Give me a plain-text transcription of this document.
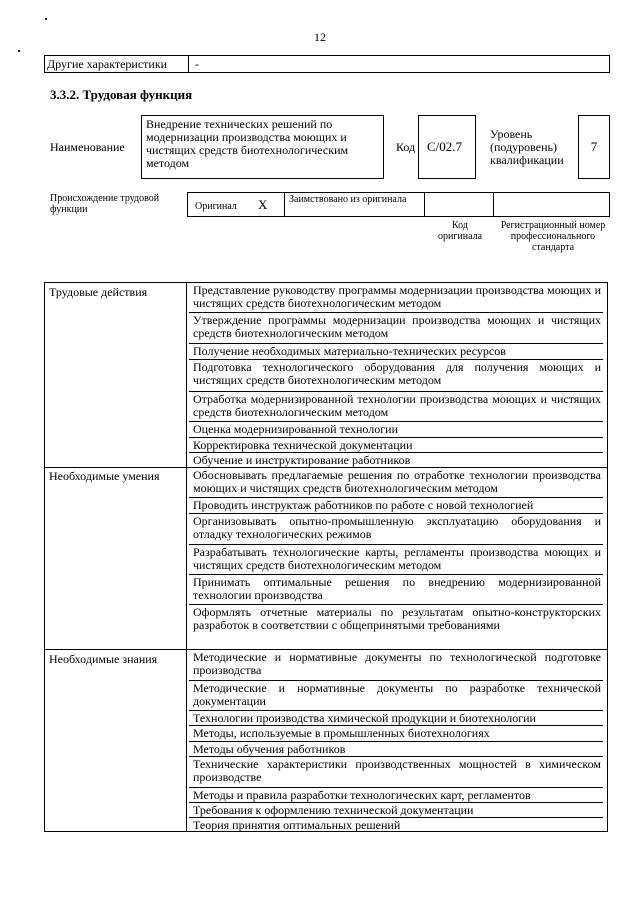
■
■
12
Другие характеристики -
3.3.2. Трудовая функция
Наименование
Внедрение технических решений по модернизации производства моющих и чистящих средств биотехнологическим методом
Код С/02.7
Уровень (подуровень) квалификации
7
Происхождение трудовой функции	Оригинал X Заимствовано из оригинала
Код оригинала
Регистрационный номер профессионального стандарта
Трудовые действия	Представление руководству программы модернизации производства моющих и чистящих средств биотехнологическим методом
Утверждение программы модернизации производства моющих и чистящих средств биотехнологическим методом
Получение необходимых материально-технических ресурсов
Подготовка технологического оборудования для получения моющих и чистящих средств биотехнологическим методом
Отработка модернизированной технологии производства моющих и чистящих средств биотехнологическим методом
Оценка модернизированной технологии
Корректировка технической документации
Обучение и инструктирование работников
Необходимые умения	Обосновывать предлагаемые решения по отработке технологии производства моющих и чистящих средств биотехнологическим методом
Проводить инструктаж работников по работе с новой технологией
Организовывать опытно-промышленную эксплуатацию оборудования и отладку технологических режимов
Разрабатывать технологические карты, регламенты производства моющих и чистящих средств биотехнологическим методом
Принимать оптимальные решения по внедрению модернизированной технологии производства
Оформлять отчетные материалы по результатам опытно-конструкторских разработок в соответствии с общепринятыми требованиями
Необходимые знания	Методические и нормативные документы по технологической подготовке производства
Методические и нормативные документы по разработке технической документации
Технологии производства химической продукции и биотехнологии
Методы, используемые в промышленных биотехнологиях
Методы обучения работников
Технические характеристики производственных мощностей в химическом производстве
Методы и правила разработки технологических карт, регламентов
Требования к оформлению технической документации
Теория принятия оптимальных решений
